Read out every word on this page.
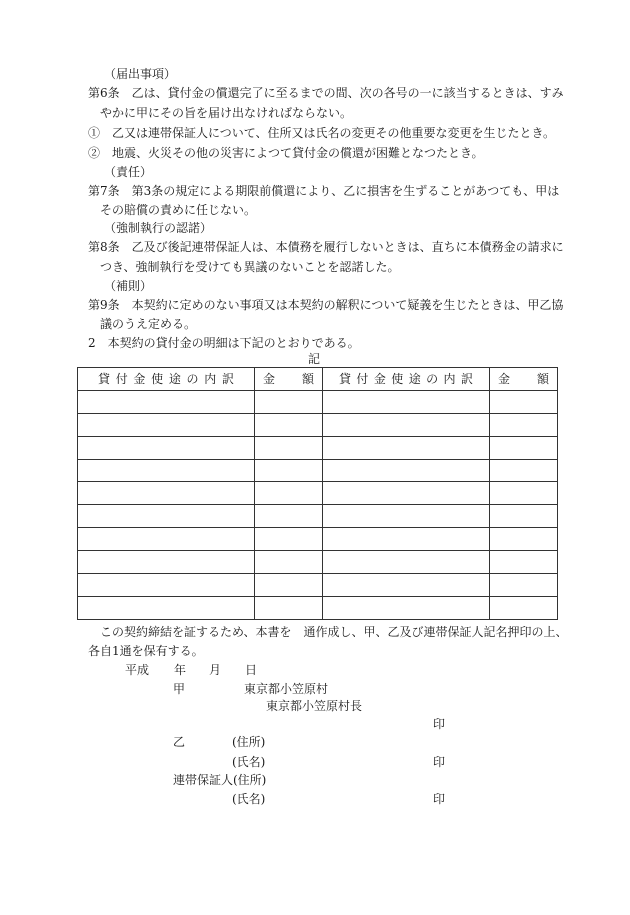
（届出事項）
第6条　乙は、貸付金の償還完了に至るまでの間、次の各号の一に該当するときは、すみ
やかに甲にその旨を届け出なければならない。
①　乙又は連帯保証人について、住所又は氏名の変更その他重要な変更を生じたとき。
②　地震、火災その他の災害によつて貸付金の償還が困難となつたとき。
（責任）
第7条　第3条の規定による期限前償還により、乙に損害を生ずることがあつても、甲は
その賠償の責めに任じない。
（強制執行の認諾）
第8条　乙及び後記連帯保証人は、本債務を履行しないときは、直ちに本債務金の請求に
つき、強制執行を受けても異議のないことを認諾した。
（補則）
第9条　本契約に定めのない事項又は本契約の解釈について疑義を生じたときは、甲乙協
議のうえ定める。
2　本契約の貸付金の明細は下記のとおりである。
記
貸付金使途の内訳	金額	貸付金使途の内訳	金額

この契約締結を証するため、本書を　通作成し、甲、乙及び連帯保証人記名押印の上、
各自1通を保有する。
平成 年 月 日
甲	東京都小笠原村
東京都小笠原村長
印
乙	(住所)
(氏名)	印
連帯保証人(住所)
(氏名)	印
